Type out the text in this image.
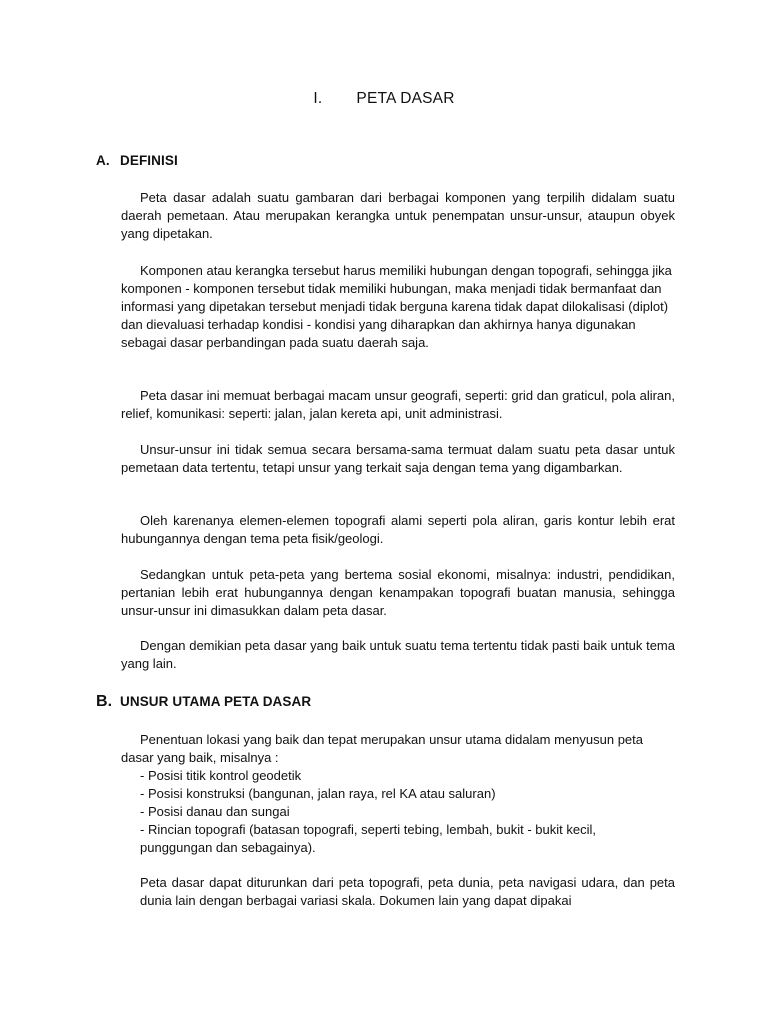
I. PETA DASAR
A. DEFINISI

Peta dasar adalah suatu gambaran dari berbagai komponen yang terpilih didalam suatu daerah pemetaan. Atau merupakan kerangka untuk penempatan unsur-unsur, ataupun obyek yang dipetakan.

Komponen atau kerangka tersebut harus memiliki hubungan dengan topografi, sehingga jika komponen - komponen tersebut tidak memiliki hubungan, maka menjadi tidak bermanfaat dan informasi yang dipetakan tersebut menjadi tidak berguna karena tidak dapat dilokalisasi (diplot) dan dievaluasi terhadap kondisi - kondisi yang diharapkan dan akhirnya hanya digunakan sebagai dasar perbandingan pada suatu daerah saja.

Peta dasar ini memuat berbagai macam unsur geografi, seperti: grid dan graticul, pola aliran, relief, komunikasi: seperti: jalan, jalan kereta api, unit administrasi.

Unsur-unsur ini tidak semua secara bersama-sama termuat dalam suatu peta dasar untuk pemetaan data tertentu, tetapi unsur yang terkait saja dengan tema yang digambarkan.

Oleh karenanya elemen-elemen topografi alami seperti pola aliran, garis kontur lebih erat hubungannya dengan tema peta fisik/geologi.

Sedangkan untuk peta-peta yang bertema sosial ekonomi, misalnya: industri, pendidikan, pertanian lebih erat hubungannya dengan kenampakan topografi buatan manusia, sehingga unsur-unsur ini dimasukkan dalam peta dasar.

Dengan demikian peta dasar yang baik untuk suatu tema tertentu tidak pasti baik untuk tema yang lain.

B. UNSUR UTAMA PETA DASAR

Penentuan lokasi yang baik dan tepat merupakan unsur utama didalam menyusun peta dasar yang baik, misalnya :

- Posisi titik kontrol geodetik
- Posisi konstruksi (bangunan, jalan raya, rel KA atau saluran)
- Posisi danau dan sungai
- Rincian topografi (batasan topografi, seperti tebing, lembah, bukit - bukit kecil,
punggungan dan sebagainya).

Peta dasar dapat diturunkan dari peta topografi, peta dunia, peta navigasi udara, dan peta dunia lain dengan berbagai variasi skala. Dokumen lain yang dapat dipakai
